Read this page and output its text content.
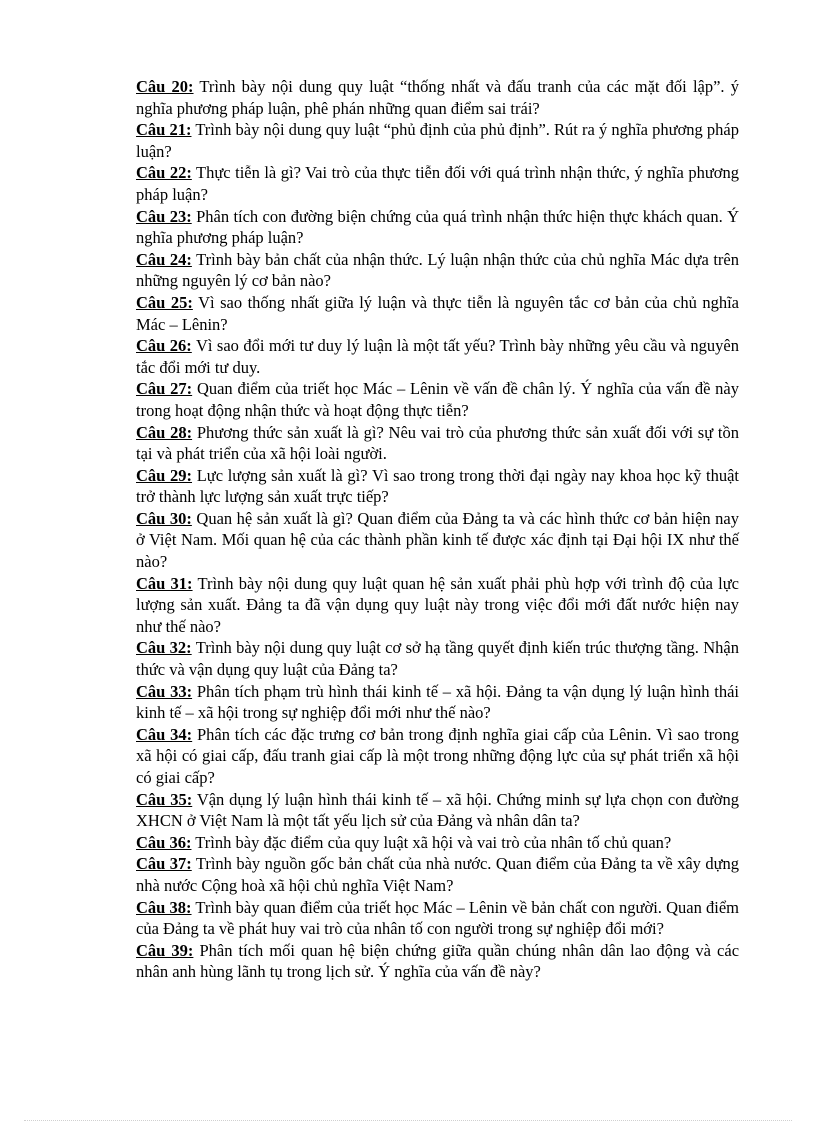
Câu 20: Trình bày nội dung quy luật “thống nhất và đấu tranh của các mặt đối lập”. ý nghĩa phương pháp luận, phê phán những quan điểm sai trái?

Câu 21: Trình bày nội dung quy luật “phủ định của phủ định”. Rút ra ý nghĩa phương pháp luận?

Câu 22: Thực tiễn là gì? Vai trò của thực tiễn đối với quá trình nhận thức, ý nghĩa phương pháp luận?

Câu 23: Phân tích con đường biện chứng của quá trình nhận thức hiện thực khách quan. Ý nghĩa phương pháp luận?

Câu 24: Trình bày bản chất của nhận thức. Lý luận nhận thức của chủ nghĩa Mác dựa trên những nguyên lý cơ bản nào?

Câu 25: Vì sao thống nhất giữa lý luận và thực tiễn là nguyên tắc cơ bản của chủ nghĩa Mác – Lênin?

Câu 26: Vì sao đổi mới tư duy lý luận là một tất yếu? Trình bày những yêu cầu và nguyên tắc đổi mới tư duy.

Câu 27: Quan điểm của triết học Mác – Lênin về vấn đề chân lý. Ý nghĩa của vấn đề này trong hoạt động nhận thức và hoạt động thực tiễn?

Câu 28: Phương thức sản xuất là gì? Nêu vai trò của phương thức sản xuất đối với sự tồn tại và phát triển của xã hội loài người.

Câu 29: Lực lượng sản xuất là gì? Vì sao trong trong thời đại ngày nay khoa học kỹ thuật trở thành lực lượng sản xuất trực tiếp?

Câu 30: Quan hệ sản xuất là gì? Quan điểm của Đảng ta và các hình thức cơ bản hiện nay ở Việt Nam. Mối quan hệ của các thành phần kinh tế được xác định tại Đại hội IX như thế nào?

Câu 31: Trình bày nội dung quy luật quan hệ sản xuất phải phù hợp với trình độ của lực lượng sản xuất. Đảng ta đã vận dụng quy luật này trong việc đổi mới đất nước hiện nay như thế nào?

Câu 32: Trình bày nội dung quy luật cơ sở hạ tầng quyết định kiến trúc thượng tầng. Nhận thức và vận dụng quy luật của Đảng ta?

Câu 33: Phân tích phạm trù hình thái kinh tế – xã hội. Đảng ta vận dụng lý luận hình thái kinh tế – xã hội trong sự nghiệp đổi mới như thế nào?

Câu 34: Phân tích các đặc trưng cơ bản trong định nghĩa giai cấp của Lênin. Vì sao trong xã hội có giai cấp, đấu tranh giai cấp là một trong những động lực của sự phát triển xã hội có giai cấp?

Câu 35: Vận dụng lý luận hình thái kinh tế – xã hội. Chứng minh sự lựa chọn con đường XHCN ở Việt Nam là một tất yếu lịch sử của Đảng và nhân dân ta?

Câu 36: Trình bày đặc điểm của quy luật xã hội và vai trò của nhân tố chủ quan?

Câu 37: Trình bày nguồn gốc bản chất của nhà nước. Quan điểm của Đảng ta về xây dựng nhà nước Cộng hoà xã hội chủ nghĩa Việt Nam?

Câu 38: Trình bày quan điểm của triết học Mác – Lênin về bản chất con người. Quan điểm của Đảng ta về phát huy vai trò của nhân tố con người trong sự nghiệp đổi mới?

Câu 39: Phân tích mối quan hệ biện chứng giữa quần chúng nhân dân lao động và các nhân anh hùng lãnh tụ trong lịch sử. Ý nghĩa của vấn đề này?
